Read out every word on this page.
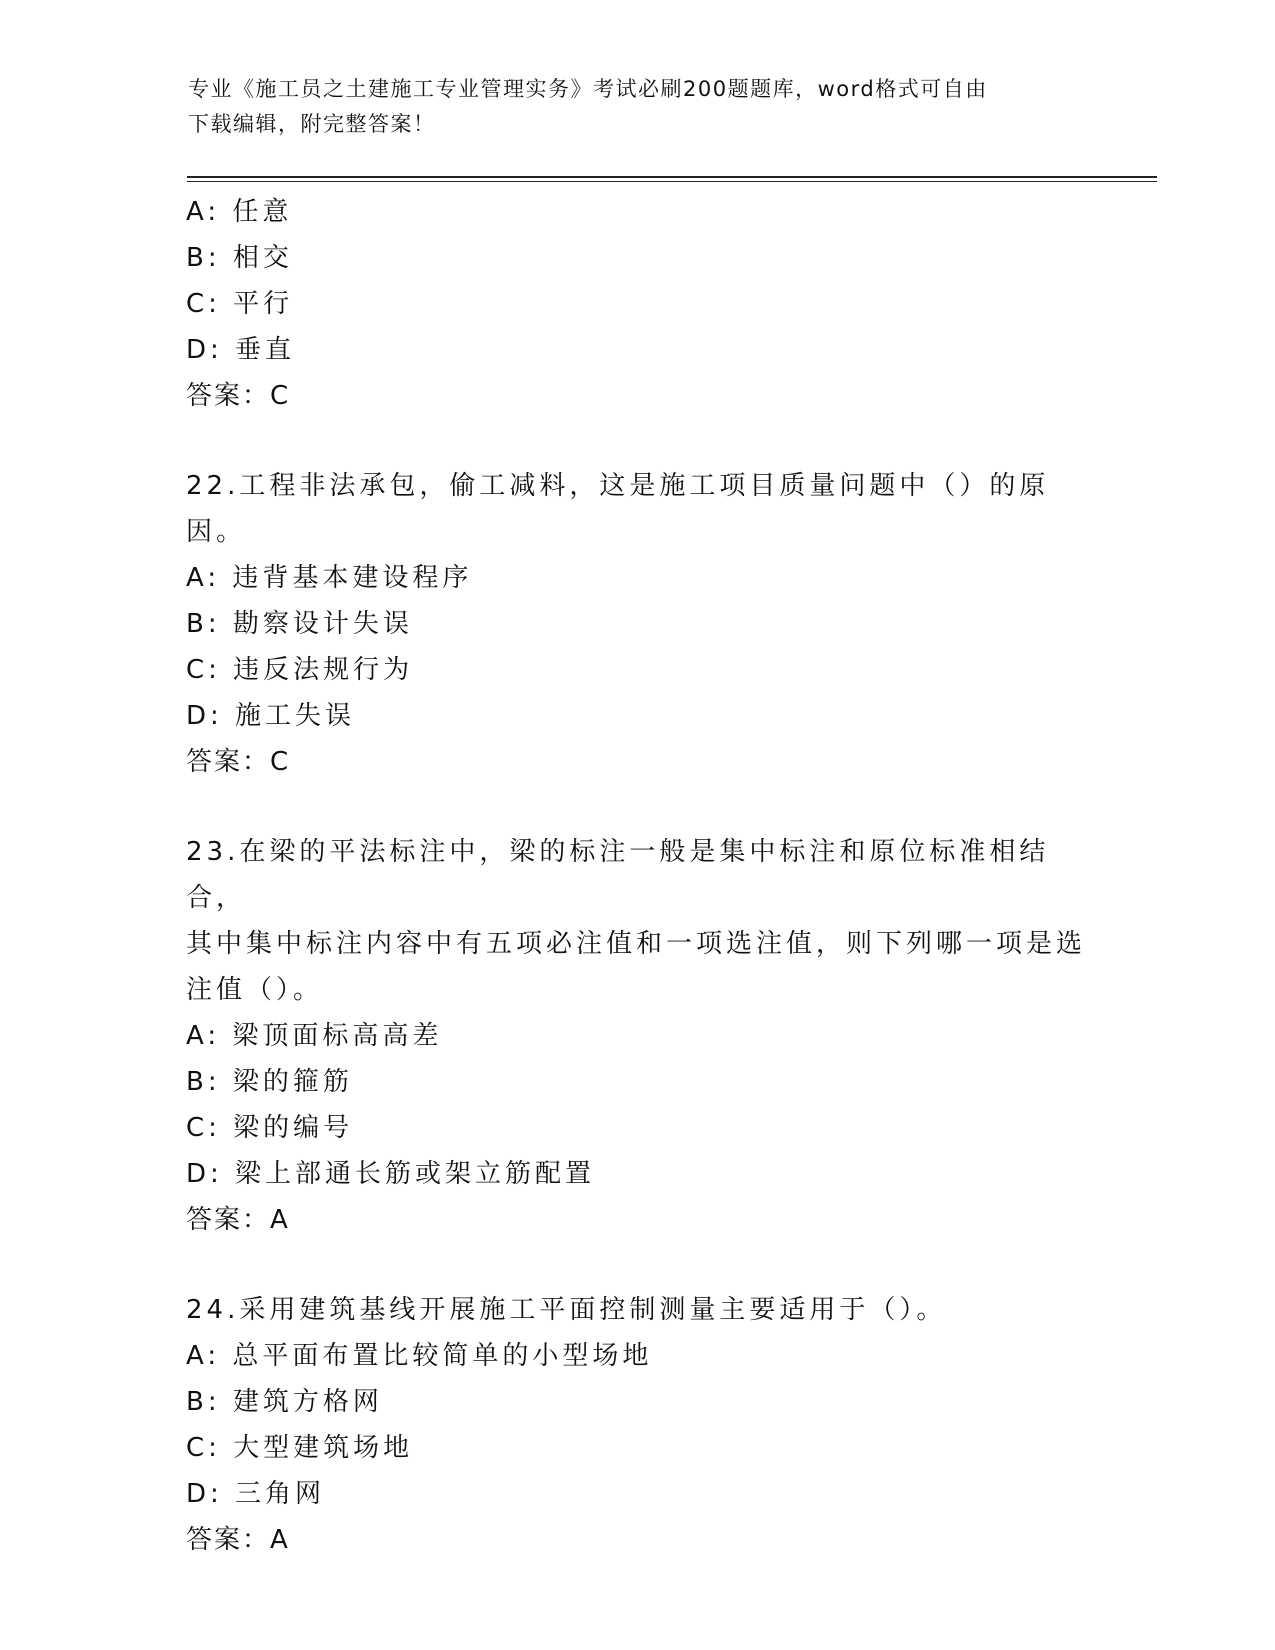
专业《施工员之土建施工专业管理实务》考试必刷200题题库，word格式可自由
下载编辑，附完整答案！
A: 任意
B: 相交
C: 平行
D: 垂直
答案：C
22.工程非法承包，偷工减料，这是施工项目质量问题中（）的原因。
A: 违背基本建设程序
B: 勘察设计失误
C: 违反法规行为
D: 施工失误
答案：C
23.在梁的平法标注中，梁的标注一般是集中标注和原位标准相结合，
其中集中标注内容中有五项必注值和一项选注值，则下列哪一项是选
注值（）。
A: 梁顶面标高高差
B: 梁的箍筋
C: 梁的编号
D: 梁上部通长筋或架立筋配置
答案：A
24.采用建筑基线开展施工平面控制测量主要适用于（）。
A: 总平面布置比较简单的小型场地
B: 建筑方格网
C: 大型建筑场地
D: 三角网
答案：A
